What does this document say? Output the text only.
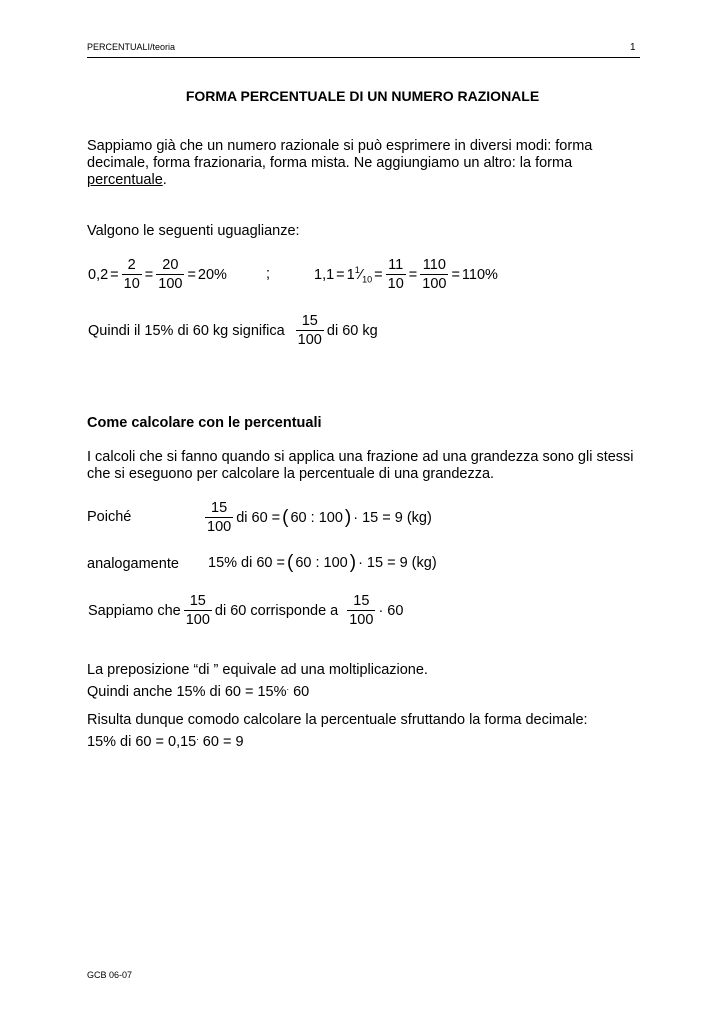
PERCENTUALI/teoria	1
FORMA PERCENTUALE DI UN NUMERO RAZIONALE
Sappiamo già che un numero razionale si può esprimere in diversi modi: forma decimale, forma frazionaria, forma mista. Ne aggiungiamo un altro: la forma percentuale.
Valgono le seguenti uguaglianze:
$0,2 = \frac{2}{10} = \frac{20}{100} = 20\%$	;	$1,1 = 1^1⁄_{10} = \frac{11}{10} = \frac{110}{100} = 110\%$
Quindi il 15% di 60 kg significa $\frac{15}{100}$ di 60 kg
Come calcolare con le percentuali
I calcoli che si fanno quando si applica una frazione ad una grandezza sono gli stessi che si eseguono per calcolare la percentuale di una grandezza.
Poiché	$\frac{15}{100}$ di 60 = ( 60 : 100 ) · 15 = 9 (kg)
analogamente 15% di 60 = ( 60 : 100 ) · 15 = 9 (kg)
Sappiamo che $\frac{15}{100}$ di 60 corrisponde a $\frac{15}{100} \cdot 60$
La preposizione “di ” equivale ad una moltiplicazione.
Quindi anche 15% di 60 = 15%. 60
Risulta dunque comodo calcolare la percentuale sfruttando la forma decimale:
15% di 60 = 0,15. 60 = 9
GCB 06-07
